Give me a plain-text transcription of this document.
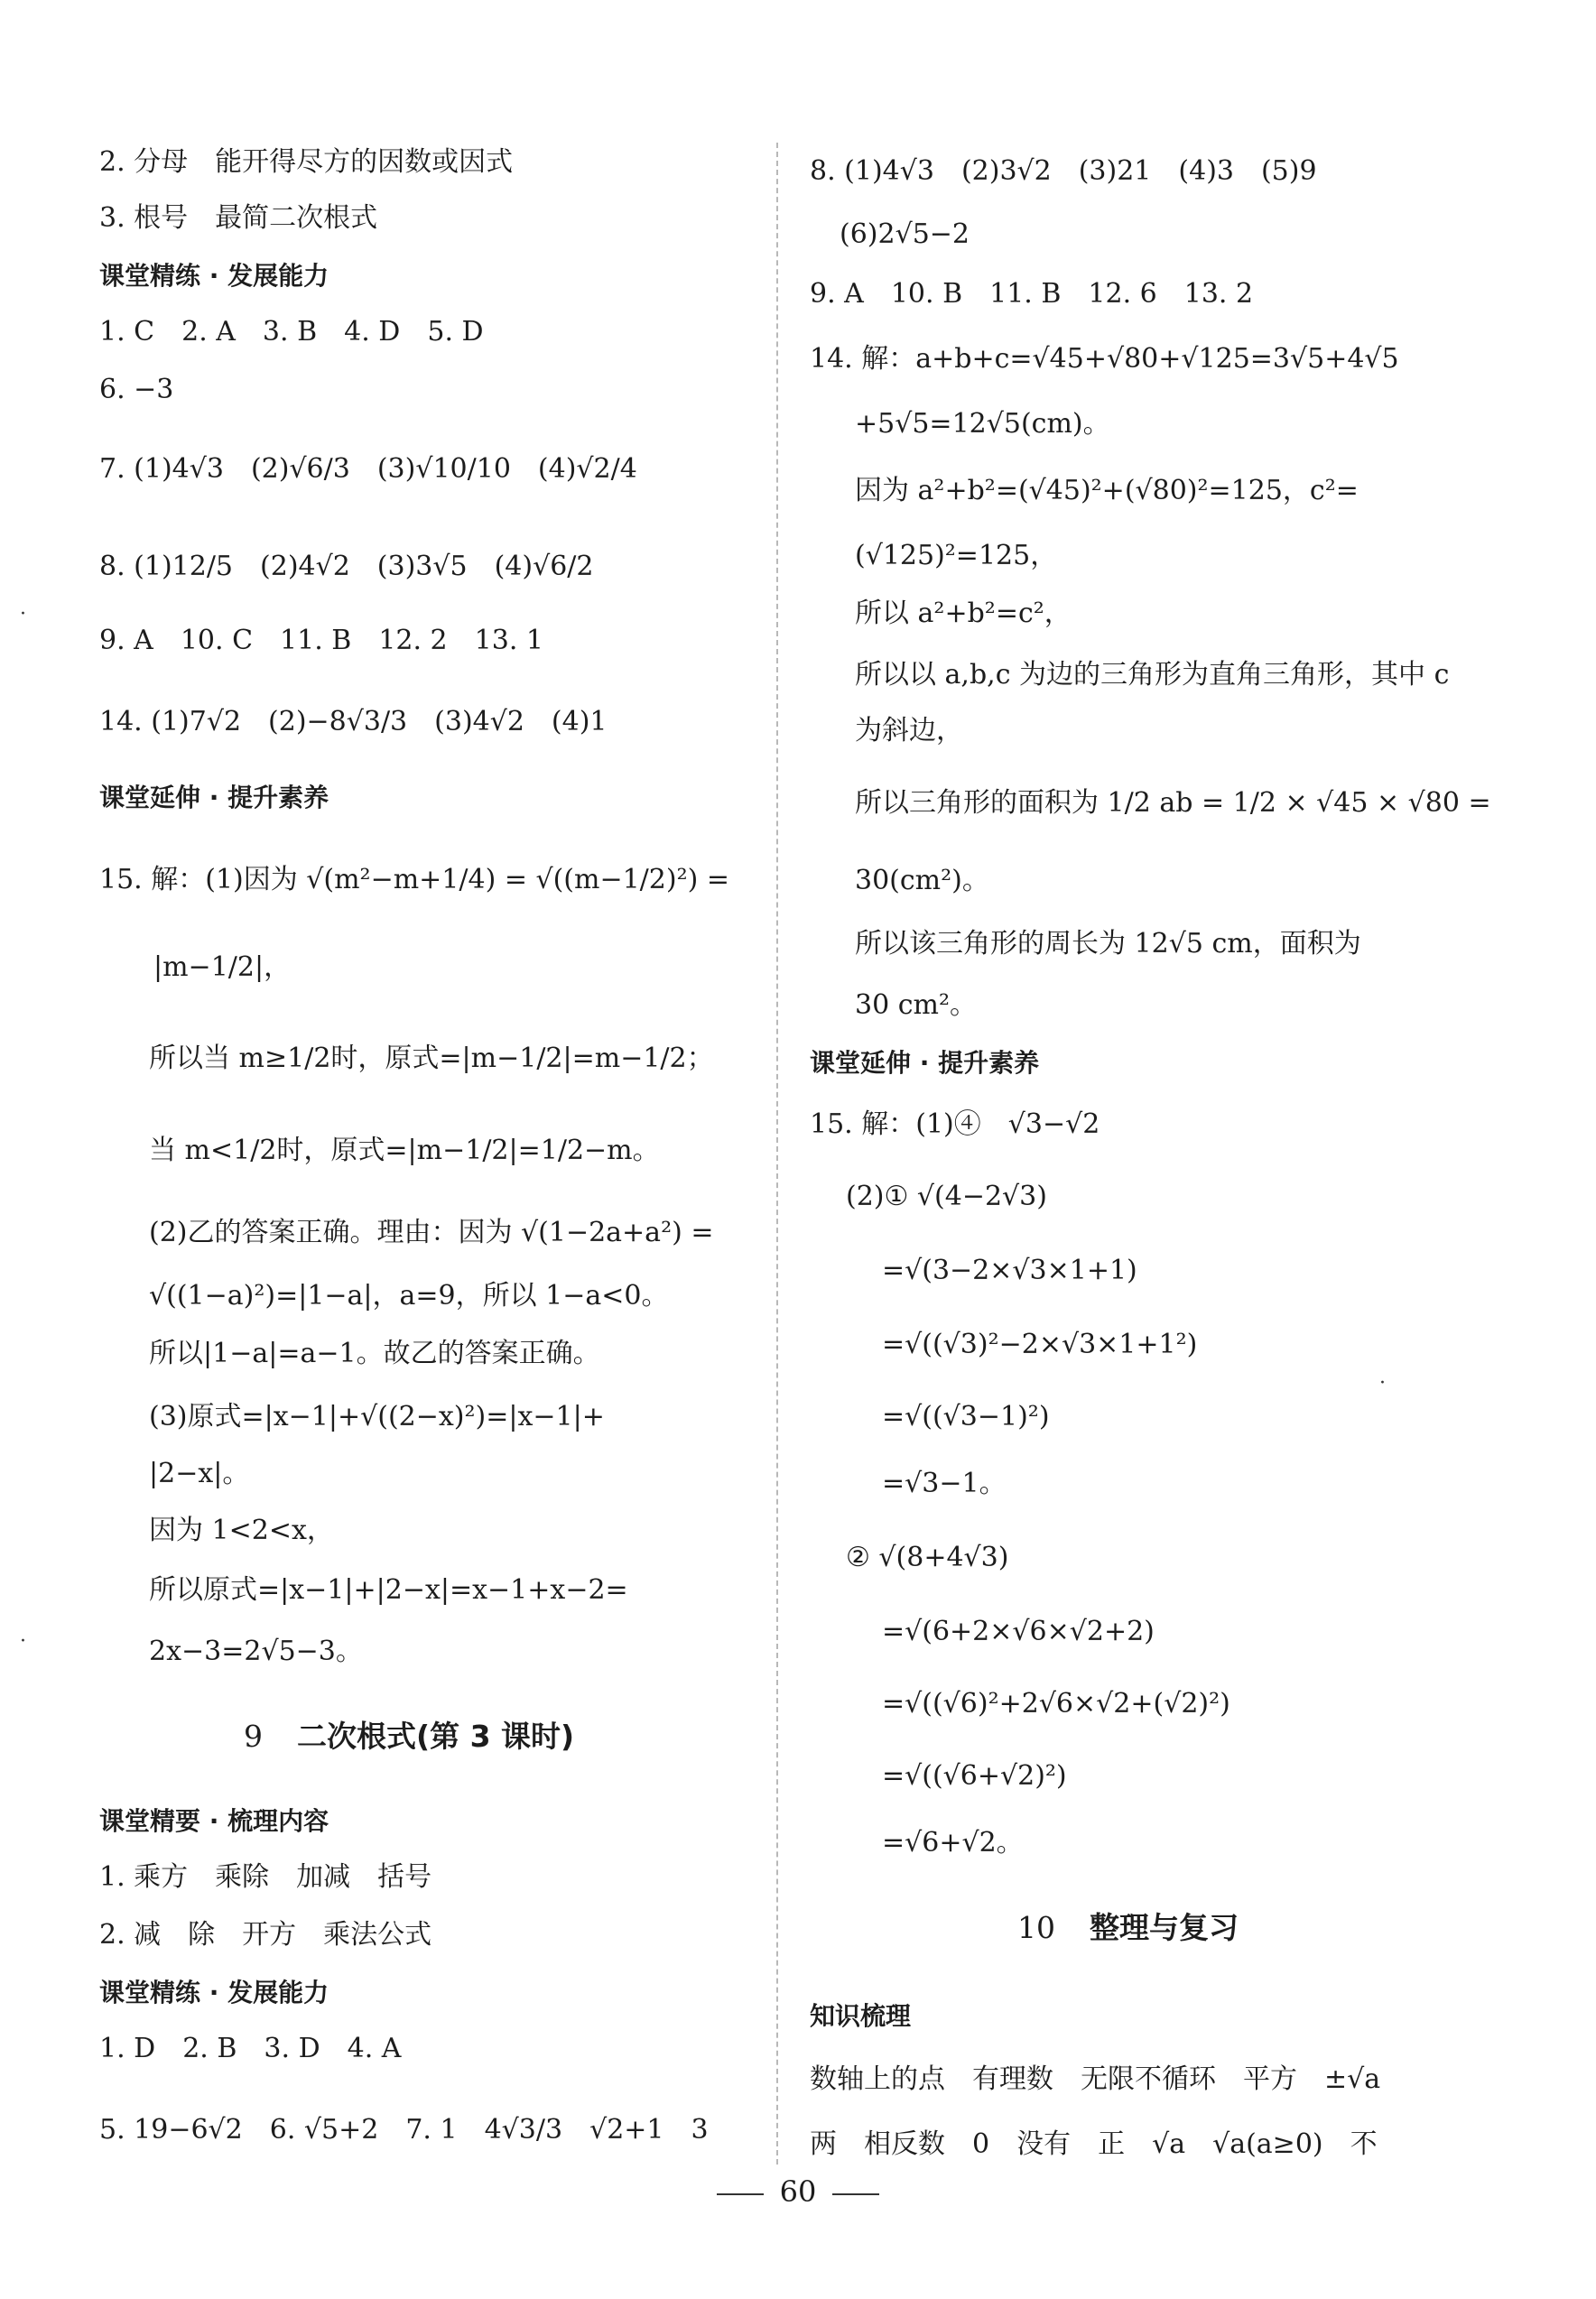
2. 分母　能开得尽方的因数或因式
3. 根号　最简二次根式
课堂精练 · 发展能力
1. C　2. A　3. B　4. D　5. D
6. −3
7. (1)4√3　(2)√6/3　(3)√10/10　(4)√2/4
8. (1)12/5　(2)4√2　(3)3√5　(4)√6/2
9. A　10. C　11. B　12. 2　13. 1
14. (1)7√2　(2)−8√3/3　(3)4√2　(4)1
课堂延伸 · 提升素养
15. 解：(1)因为 √(m²−m+1/4) = √((m−1/2)²) =
|m−1/2|，
所以当 m≥1/2时，原式=|m−1/2|=m−1/2；
当 m<1/2时，原式=|m−1/2|=1/2−m。
(2)乙的答案正确。理由：因为 √(1−2a+a²) =
√((1−a)²)=|1−a|，a=9，所以 1−a<0。
所以|1−a|=a−1。故乙的答案正确。
(3)原式=|x−1|+√((2−x)²)=|x−1|+
|2−x|。
因为 1<2<x，
所以原式=|x−1|+|2−x|=x−1+x−2=
2x−3=2√5−3。
9 二次根式(第 3 课时)
课堂精要 · 梳理内容
1. 乘方　乘除　加减　括号
2. 减　除　开方　乘法公式
课堂精练 · 发展能力
1. D　2. B　3. D　4. A
5. 19−6√2　6. √5+2　7. 1　4√3/3　√2+1　3
8. (1)4√3　(2)3√2　(3)21　(4)3　(5)9
(6)2√5−2
9. A　10. B　11. B　12. 6　13. 2
14. 解：a+b+c=√45+√80+√125=3√5+4√5
+5√5=12√5(cm)。
因为 a²+b²=(√45)²+(√80)²=125，c²=
(√125)²=125，
所以 a²+b²=c²，
所以以 a,b,c 为边的三角形为直角三角形，其中 c
为斜边，
所以三角形的面积为 1/2 ab = 1/2 × √45 × √80 =
30(cm²)。
所以该三角形的周长为 12√5 cm，面积为
30 cm²。
课堂延伸 · 提升素养
15. 解：(1)④　√3−√2
(2)① √(4−2√3)
=√(3−2×√3×1+1)
=√((√3)²−2×√3×1+1²)
=√((√3−1)²)
=√3−1。
② √(8+4√3)
=√(6+2×√6×√2+2)
=√((√6)²+2√6×√2+(√2)²)
=√((√6+√2)²)
=√6+√2。
10 整理与复习
知识梳理
数轴上的点　有理数　无限不循环　平方　±√a
两　相反数　0　没有　正　√a　√a(a≥0)　不
60
·
·
·
